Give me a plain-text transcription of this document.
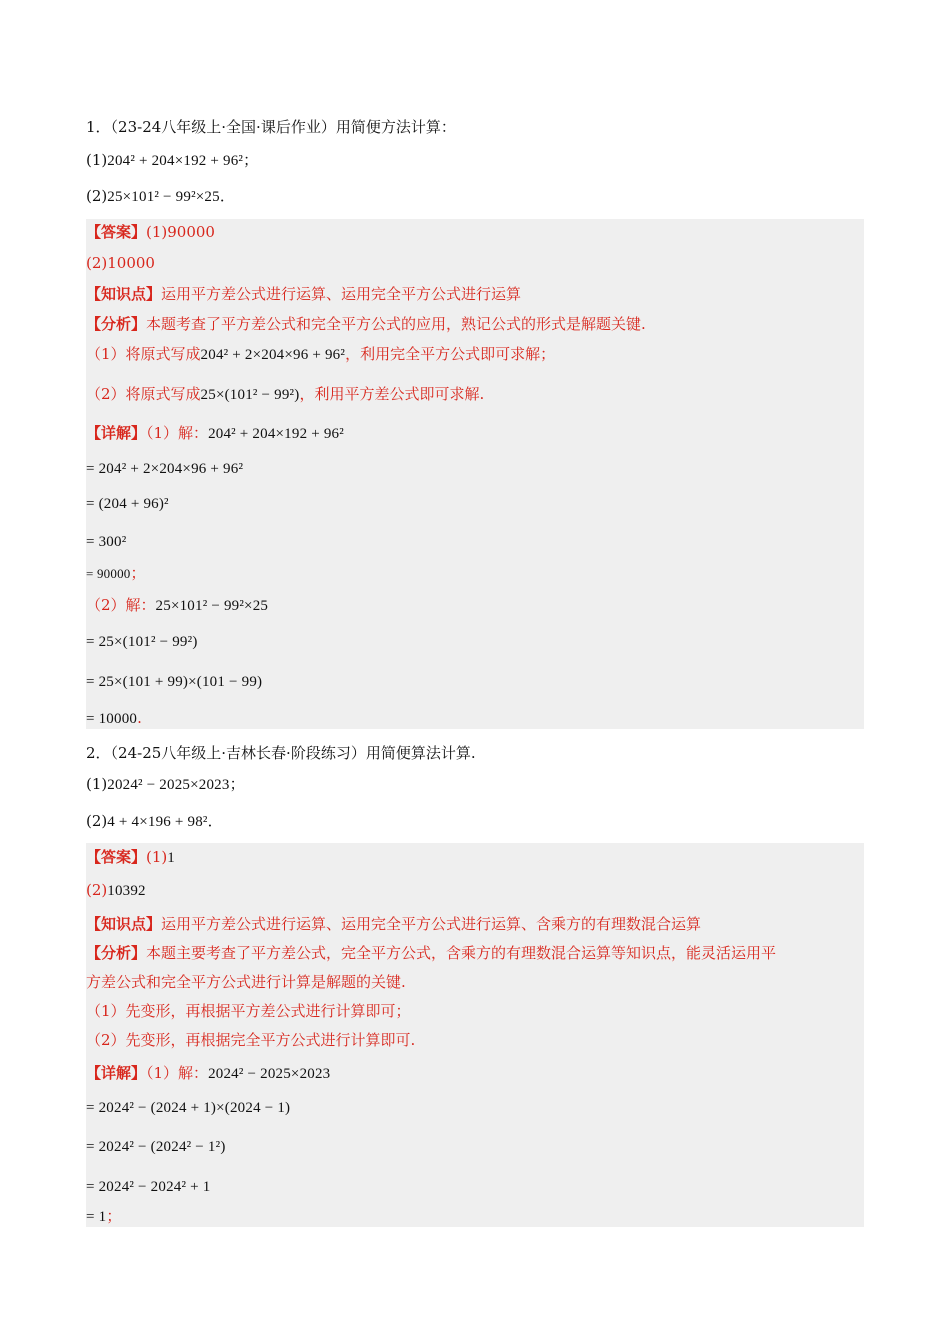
1．（23-24八年级上·全国·课后作业）用简便方法计算：
(1)204² + 204×192 + 96²；
(2)25×101² − 99²×25．
【答案】(1)90000
(2)10000
【知识点】运用平方差公式进行运算、运用完全平方公式进行运算
【分析】本题考查了平方差公式和完全平方公式的应用，熟记公式的形式是解题关键.
（1）将原式写成204² + 2×204×96 + 96²，利用完全平方公式即可求解；
（2）将原式写成25×(101² − 99²)，利用平方差公式即可求解.
【详解】（1）解：204² + 204×192 + 96²
= 204² + 2×204×96 + 96²
= (204 + 96)²
= 300²
= 90000；
（2）解：25×101² − 99²×25
= 25×(101² − 99²)
= 25×(101 + 99)×(101 − 99)
= 10000.
2．（24-25八年级上·吉林长春·阶段练习）用简便算法计算.
(1)2024² − 2025×2023；
(2)4 + 4×196 + 98²．
【答案】(1)1
(2)10392
【知识点】运用平方差公式进行运算、运用完全平方公式进行运算、含乘方的有理数混合运算
【分析】本题主要考查了平方差公式，完全平方公式，含乘方的有理数混合运算等知识点，能灵活运用平
方差公式和完全平方公式进行计算是解题的关键.
（1）先变形，再根据平方差公式进行计算即可；
（2）先变形，再根据完全平方公式进行计算即可.
【详解】（1）解：2024² − 2025×2023
= 2024² − (2024 + 1)×(2024 − 1)
= 2024² − (2024² − 1²)
= 2024² − 2024² + 1
= 1；
